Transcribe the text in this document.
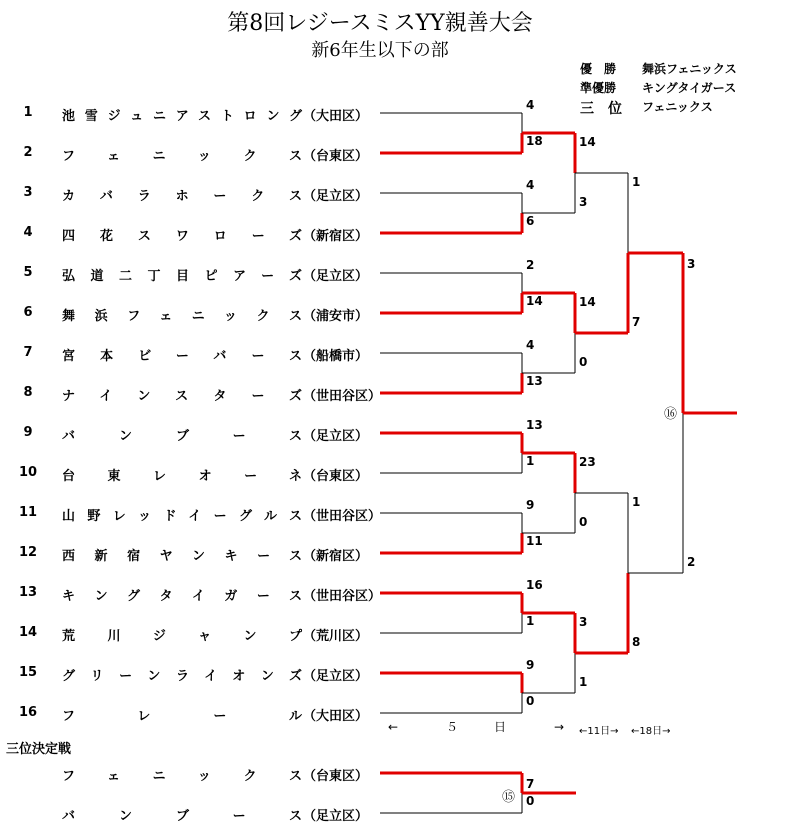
第8回レジースミスYY親善大会
新6年生以下の部
優　勝 舞浜フェニックス
準優勝 キングタイガース
三　位 フェニックス
←　　　　５　　　日　　　　→ ←11日→ ←18日→
三位決定戦
⑯
⑮
1	池雪ジュニアストロング （大田区）
2	フェニックス （台東区）
3	カバラホークス （足立区）
4	四花スワローズ （新宿区）
5	弘道二丁目ピアーズ （足立区）
6	舞浜フェニックス （浦安市）
7	宮本ビーバース （船橋市）
8	ナインスターズ （世田谷区）
9	バンブース （足立区）
10 台東レオーネ （台東区）
11 山野レッドイーグルス （世田谷区）
12 西新宿ヤンキース （新宿区）
13 キングタイガース （世田谷区）
14 荒川ジャンプ （荒川区）
15 グリーンライオンズ （足立区）
16 フレール （大田区）
4
18
4
6
2
14
4
13
13
1
9
11
16
1
9
0
14
3
14
0
23
0
3
1
1
7
1
8
3
2
フェニックス （台東区）
バンブース （足立区）
7
0
